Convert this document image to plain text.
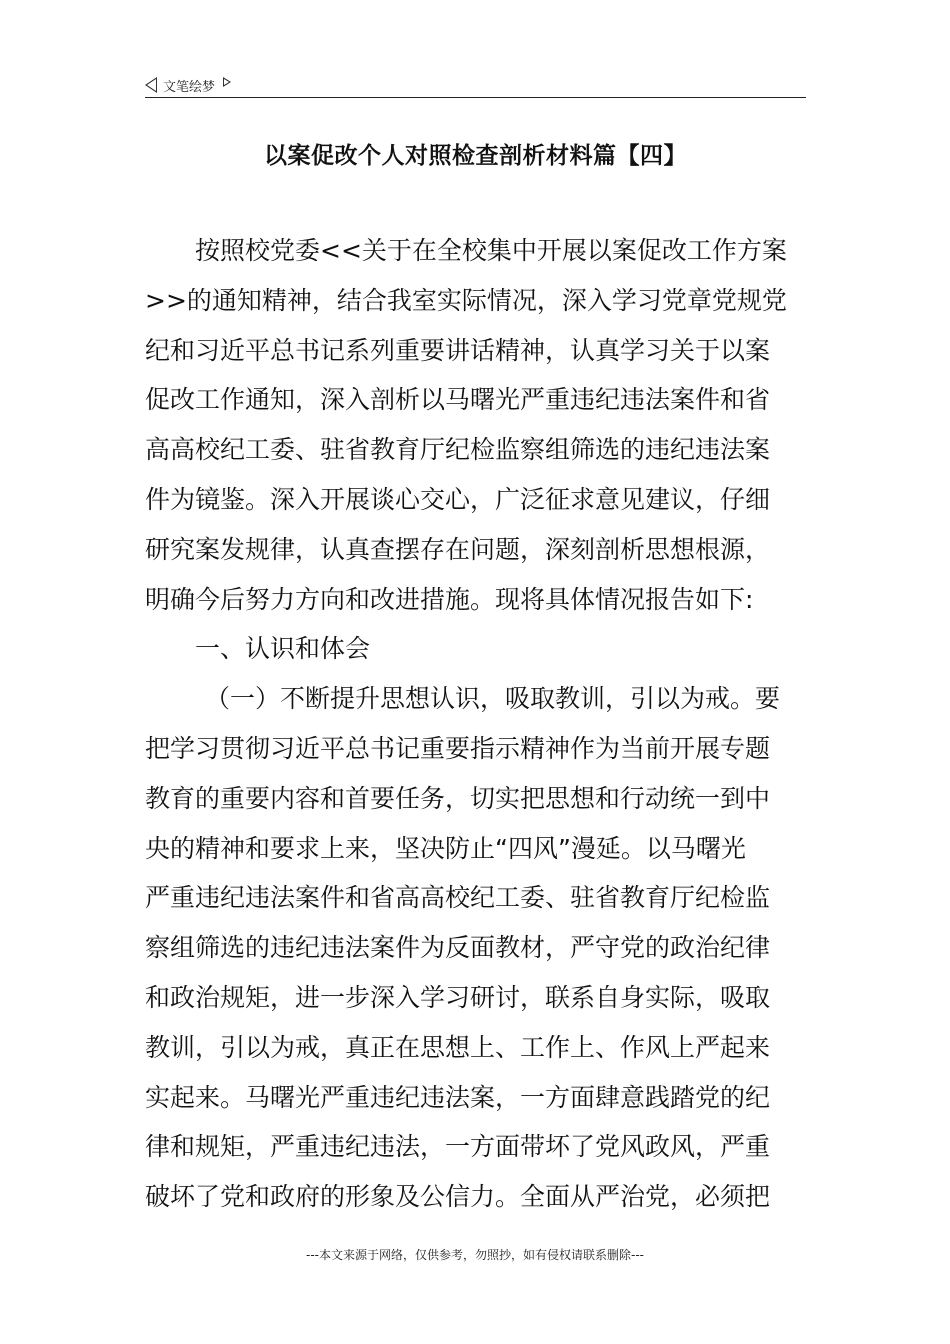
文笔绘梦
以案促改个人对照检查剖析材料篇【四】
按照校党委<<关于在全校集中开展以案促改工作方案
>>的通知精神，结合我室实际情况，深入学习党章党规党
纪和习近平总书记系列重要讲话精神，认真学习关于以案
促改工作通知，深入剖析以马曙光严重违纪违法案件和省
高高校纪工委、驻省教育厅纪检监察组筛选的违纪违法案
件为镜鉴。深入开展谈心交心，广泛征求意见建议，仔细
研究案发规律，认真查摆存在问题，深刻剖析思想根源，
明确今后努力方向和改进措施。现将具体情况报告如下:
一、认识和体会
（一）不断提升思想认识，吸取教训，引以为戒。要
把学习贯彻习近平总书记重要指示精神作为当前开展专题
教育的重要内容和首要任务，切实把思想和行动统一到中
央的精神和要求上来，坚决防止“四风”漫延。以马曙光
严重违纪违法案件和省高高校纪工委、驻省教育厅纪检监
察组筛选的违纪违法案件为反面教材，严守党的政治纪律
和政治规矩，进一步深入学习研讨，联系自身实际，吸取
教训，引以为戒，真正在思想上、工作上、作风上严起来
实起来。马曙光严重违纪违法案，一方面肆意践踏党的纪
律和规矩，严重违纪违法，一方面带坏了党风政风，严重
破坏了党和政府的形象及公信力。全面从严治党，必须把
---本文来源于网络，仅供参考，勿照抄，如有侵权请联系删除---
